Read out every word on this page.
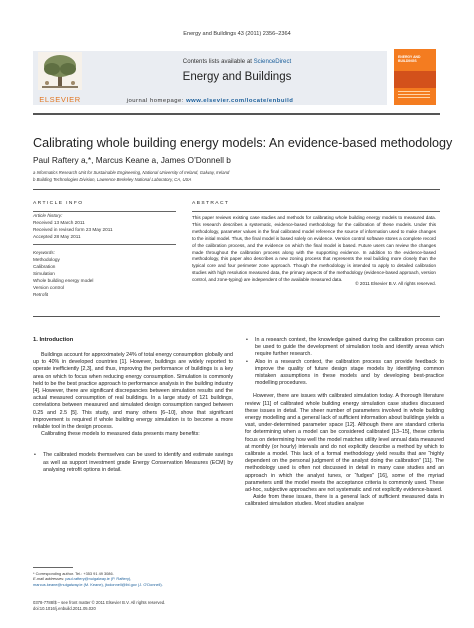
Energy and Buildings 43 (2011) 2356–2364
Contents lists available at ScienceDirect
Energy and Buildings
journal homepage: www.elsevier.com/locate/enbuild
ELSEVIER
ENERGY AND BUILDINGS
Calibrating whole building energy models: An evidence-based methodology
Paul Raftery a,*, Marcus Keane a, James O’Donnell b
a Informatics Research Unit for Sustainable Engineering, National University of Ireland, Galway, Ireland
b Building Technologies Division, Lawrence Berkeley National Laboratory, CA, USA
ARTICLE INFO
Article history:
Received 13 March 2011
Received in revised form 23 May 2011
Accepted 28 May 2011
Keywords:
Methodology
Calibration
Simulation
Whole building energy model
Version control
Retrofit
ABSTRACT
This paper reviews existing case studies and methods for calibrating whole building energy models to measured data. This research describes a systematic, evidence-based methodology for the calibration of these models. Under this methodology, parameter values in the final calibrated model reference the source of information used to make changes to the initial model. Thus, the final model is based solely on evidence. Version control software stores a complete record of the calibration process, and the evidence on which the final model is based. Future users can review the changes made throughout the calibration process along with the supporting evidence. In addition to the evidence-based methodology, this paper also describes a new zoning process that represents the real building more closely than the typical core and four perimeter zone approach. Though the methodology is intended to apply to detailed calibration studies with high resolution measured data, the primary aspects of the methodology (evidence-based approach, version control, and zone-typing) are independent of the available measured data.
© 2011 Elsevier B.V. All rights reserved.
1. Introduction

Buildings account for approximately 24% of total energy consumption globally and up to 40% in developed countries [1]. However, buildings are widely reported to operate inefficiently [2,3], and thus, improving the performance of buildings is a key area on which to focus when reducing energy consumption. Simulation is commonly held to be the best practice approach to performance analysis in the building industry [4]. However, there are significant discrepancies between simulation results and the actual measured consumption of real buildings. In a large study of 121 buildings, correlations between measured and simulated design consumption ranged between 0.25 and 2.5 [5]. This study, and many others [6–10], show that significant improvement is required if whole building energy simulation is to become a more reliable tool in the design process.

Calibrating these models to measured data presents many benefits:

• The calibrated models themselves can be used to identify and estimate savings as well as support investment grade Energy Conservation Measures (ECM) by analysing retrofit options in detail.
• In a research context, the knowledge gained during the calibration process can be used to guide the development of simulation tools and identify areas which require further research.
• Also in a research context, the calibration process can provide feedback to improve the quality of future design stage models by identifying common mistaken assumptions in these models and by developing best-practice modelling procedures.

However, there are issues with calibrated simulation today. A thorough literature review [11] of calibrated whole building energy simulation case studies discussed these issues in detail. The sheer number of parameters involved in whole building energy modelling and a general lack of sufficient information about buildings yields a vast, under-determined parameter space [12]. Although there are standard criteria for determining when a model can be considered calibrated [13–15], these criteria focus on determining how well the model matches utility level annual data measured at monthly (or hourly) intervals and do not explicitly describe a method by which to calibrate a model. This lack of a formal methodology yield results that are “highly dependent on the personal judgment of the analyst doing the calibration” [11]. The methodology used is often not discussed in detail in many case studies and an approach in which the analyst tunes, or “fudges” [16], some of the myriad parameters until the model meets the acceptance criteria is commonly used. These ad-hoc, subjective approaches are not systematic and not explicitly evidence-based.

Aside from these issues, there is a general lack of sufficient measured data in calibrated simulation studies. Most studies analyse

* Corresponding author. Tel.: +353 91 49 3086.
E-mail addresses: paul.raftery@nuigalway.ie (P. Raftery),
marcus.keane@nuigalway.ie (M. Keane), jtodonnell@lbl.gov (J. O’Donnell).
0378-7788/$ – see front matter © 2011 Elsevier B.V. All rights reserved.
doi:10.1016/j.enbuild.2011.05.020
